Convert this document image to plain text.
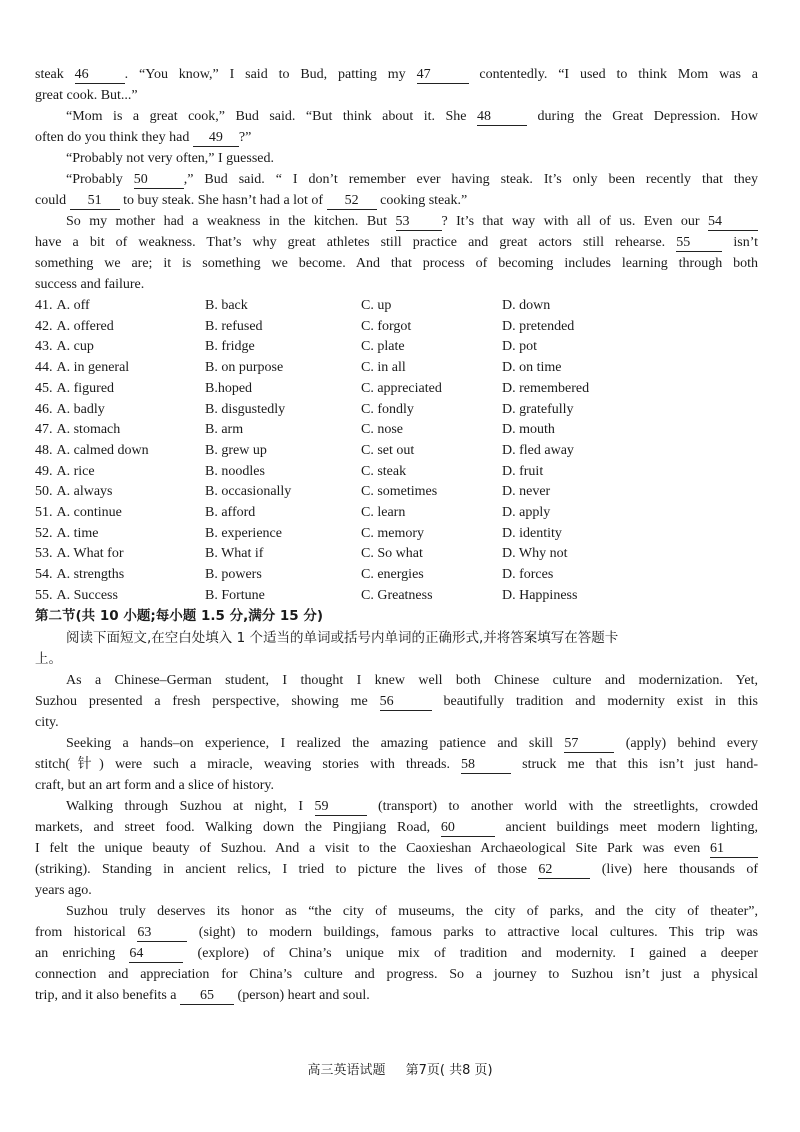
steak 46	. “You know,” I said to Bud, patting my 47	contentedly. “I used to think Mom was a
great cook. But...”
“Mom is a great cook,” Bud said. “But think about it. She 48	during the Great Depression. How
often do you think they had 49 ?”
“Probably not very often,” I guessed.
“Probably 50	,” Bud said. “ I don’t remember ever having steak. It’s only been recently that they
could 51 to buy steak. She hasn’t had a lot of 52 cooking steak.”
So my mother had a weakness in the kitchen. But 53 ? It’s that way with all of us. Even our 54
have a bit of weakness. That’s why great athletes still practice and great actors still rehearse. 55 isn’t
something we are; it is something we become. And that process of becoming includes learning through both
success and failure.
41. A. off	B. back	C. up	D. down
42. A. offered	B. refused	C. forgot	D. pretended
43. A. cup	B. fridge	C. plate	D. pot
44. A. in general	B. on purpose	C. in all	D. on time
45. A. figured	B.hoped	C. appreciated	D. remembered
46. A. badly	B. disgustedly	C. fondly	D. gratefully
47. A. stomach	B. arm	C. nose	D. mouth
48. A. calmed down	B. grew up	C. set out	D. fled away
49. A. rice	B. noodles	C. steak	D. fruit
50. A. always	B. occasionally	C. sometimes	D. never
51. A. continue	B. afford	C. learn	D. apply
52. A. time	B. experience	C. memory	D. identity
53. A. What for	B. What if	C. So what	D. Why not
54. A. strengths	B. powers	C. energies	D. forces
55. A. Success	B. Fortune	C. Greatness	D. Happiness
第二节(共 10 小题;每小题 1.5 分,满分 15 分)
阅读下面短文,在空白处填入 1 个适当的单词或括号内单词的正确形式,并将答案填写在答题卡
上。
As a Chinese–German student, I thought I knew well both Chinese culture and modernization. Yet,
Suzhou presented a fresh perspective, showing me 56	beautifully tradition and modernity exist in this
city.
Seeking a hands–on experience, I realized the amazing patience and skill 57	(apply) behind every
stitch(针) were such a miracle, weaving stories with threads. 58	struck me that this isn’t just hand-
craft, but an art form and a slice of history.
Walking through Suzhou at night, I 59	(transport) to another world with the streetlights, crowded
markets, and street food. Walking down the Pingjiang Road, 60	ancient buildings meet modern lighting,
I felt the unique beauty of Suzhou. And a visit to the Caoxieshan Archaeological Site Park was even 61
(striking). Standing in ancient relics, I tried to picture the lives of those 62	(live) here thousands of
years ago.
Suzhou truly deserves its honor as “the city of museums, the city of parks, and the city of theater”,
from historical 63	(sight) to modern buildings, famous parks to attractive local cultures. This trip was
an enriching 64	(explore) of China’s unique mix of tradition and modernity. I gained a deeper
connection and appreciation for China’s culture and progress. So a journey to Suzhou isn’t just a physical
trip, and it also benefits a 65 (person) heart and soul.
高三英语试题 第7页( 共8 页)
